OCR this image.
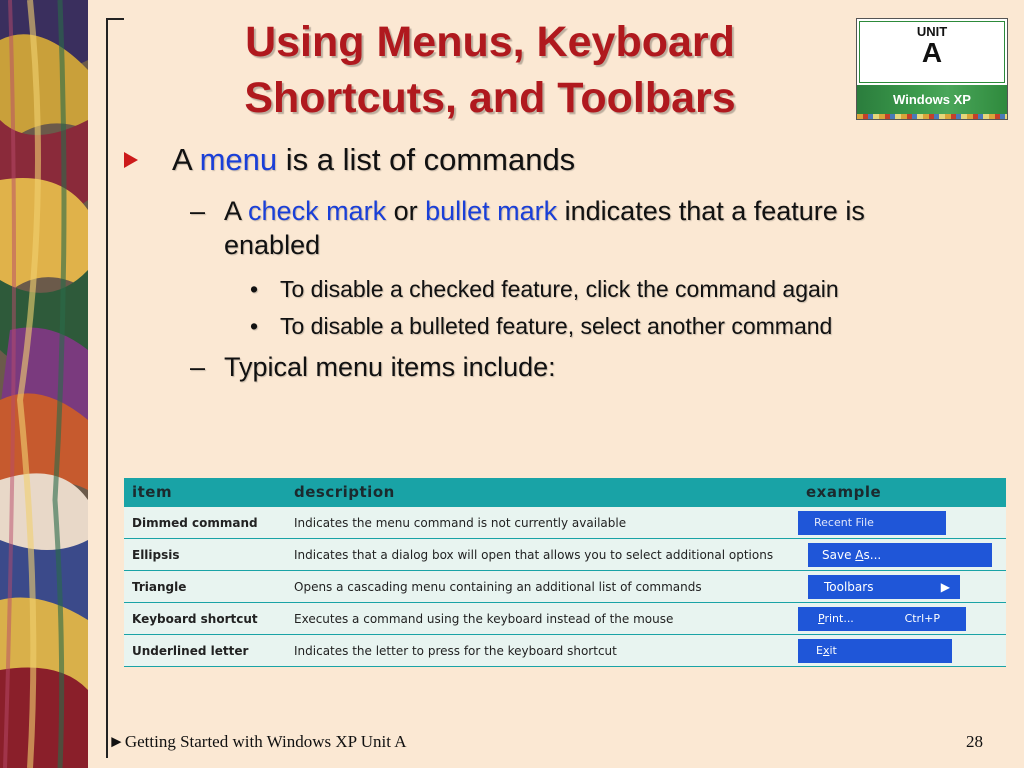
Using Menus, Keyboard
Shortcuts, and Toolbars
UNIT
A
Windows XP
A menu is a list of commands
– A check mark or bullet mark indicates that a feature is enabled
• To disable a checked feature, click the command again
• To disable a bulleted feature, select another command
– Typical menu items include:
item	description	example
Dimmed command	Indicates the menu command is not currently available	Recent File
Ellipsis	Indicates that a dialog box will open that allows you to select additional options	Save As...
Triangle	Opens a cascading menu containing an additional list of commands	Toolbars ▶

Keyboard shortcut	Executes a command using the keyboard instead of the mouse	Print... Ctrl+P

Underlined letter	Indicates the letter to press for the keyboard shortcut	Exit
►Getting Started with Windows XP Unit A	28
